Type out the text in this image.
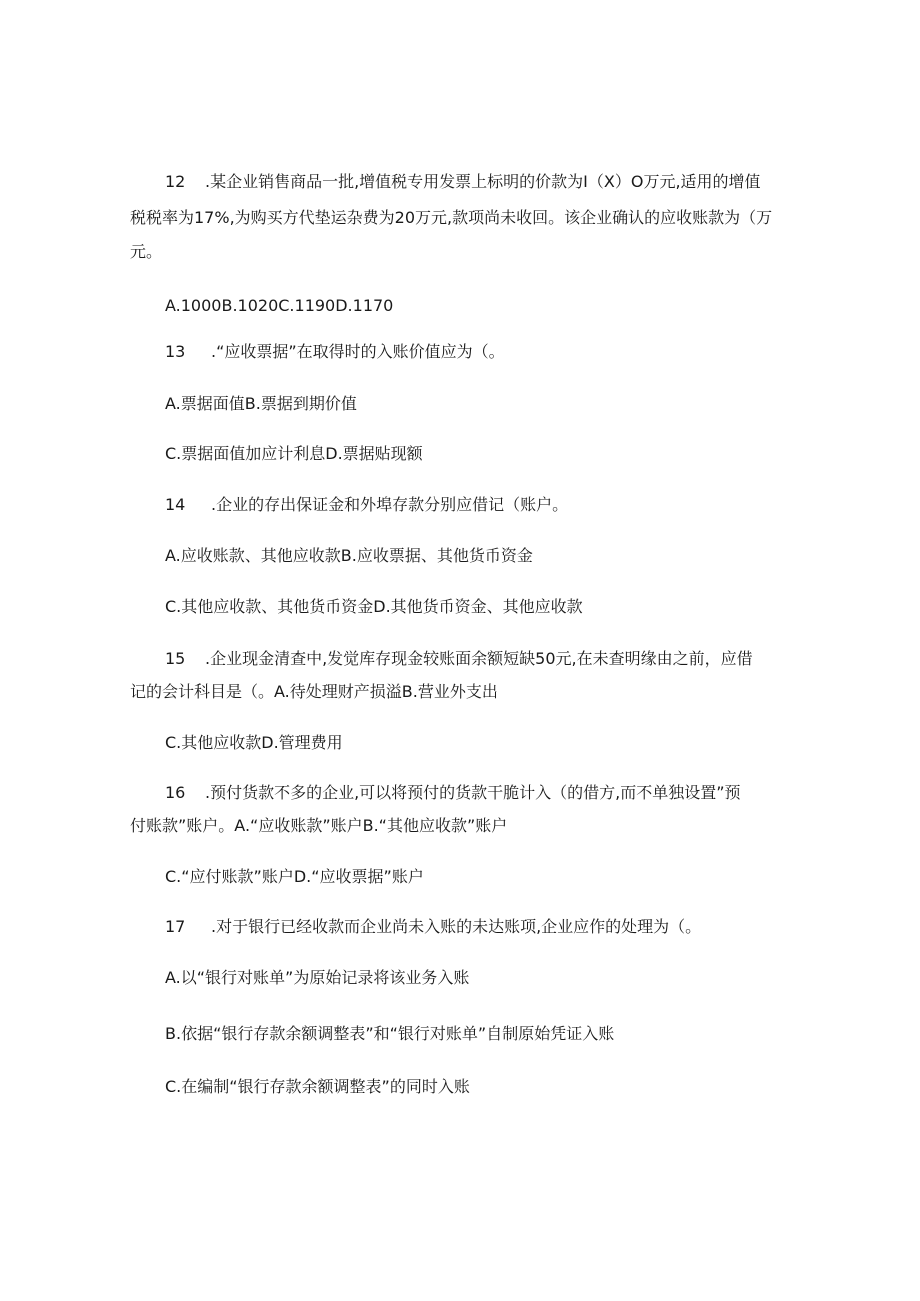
12 .某企业销售商品一批,增值税专用发票上标明的价款为I（X）O万元,适用的增值
税税率为17%,为购买方代垫运杂费为20万元,款项尚未收回。该企业确认的应收账款为（万
元。
A.1000B.1020C.1190D.1170
13 .“应收票据”在取得时的入账价值应为（。
A.票据面值B.票据到期价值
C.票据面值加应计利息D.票据贴现额
14 .企业的存出保证金和外埠存款分别应借记（账户。
A.应收账款、其他应收款B.应收票据、其他货币资金
C.其他应收款、其他货币资金D.其他货币资金、其他应收款
15 .企业现金清查中,发觉库存现金较账面余额短缺50元,在未查明缘由之前，应借
记的会计科目是（。A.待处理财产损溢B.营业外支出
C.其他应收款D.管理费用
16 .预付货款不多的企业,可以将预付的货款干脆计入（的借方,而不单独设置”预
付账款”账户。A.“应收账款”账户B.“其他应收款”账户
C.“应付账款”账户D.“应收票据”账户
17 .对于银行已经收款而企业尚未入账的未达账项,企业应作的处理为（。
A.以“银行对账单”为原始记录将该业务入账
B.依据“银行存款余额调整表”和“银行对账单”自制原始凭证入账
C.在编制“银行存款余额调整表”的同时入账
